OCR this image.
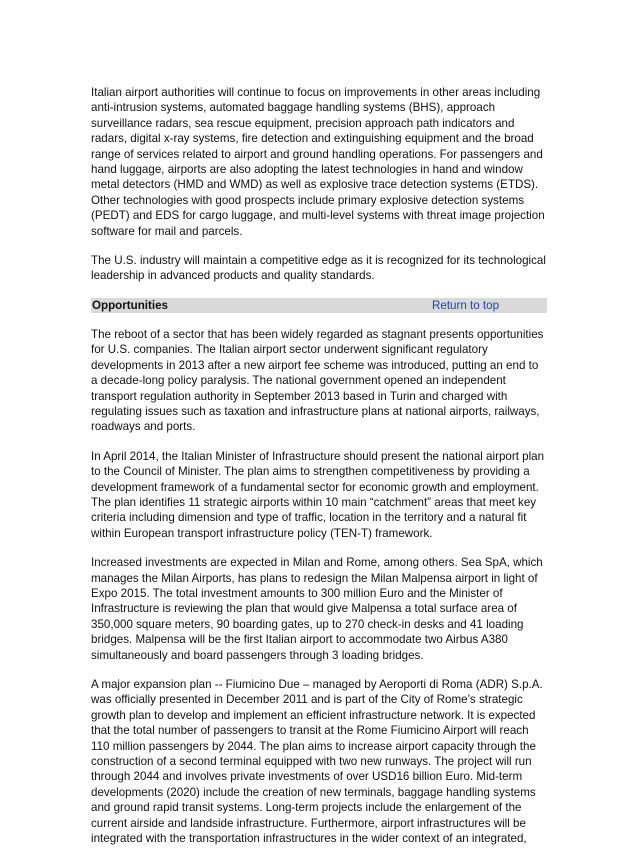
Italian airport authorities will continue to focus on improvements in other areas including
anti-intrusion systems, automated baggage handling systems (BHS), approach
surveillance radars, sea rescue equipment, precision approach path indicators and
radars, digital x-ray systems, fire detection and extinguishing equipment and the broad
range of services related to airport and ground handling operations. For passengers and
hand luggage, airports are also adopting the latest technologies in hand and window
metal detectors (HMD and WMD) as well as explosive trace detection systems (ETDS).
Other technologies with good prospects include primary explosive detection systems
(PEDT) and EDS for cargo luggage, and multi-level systems with threat image projection
software for mail and parcels.

The U.S. industry will maintain a competitive edge as it is recognized for its technological
leadership in advanced products and quality standards.

Opportunities	Return to top

The reboot of a sector that has been widely regarded as stagnant presents opportunities
for U.S. companies. The Italian airport sector underwent significant regulatory
developments in 2013 after a new airport fee scheme was introduced, putting an end to
a decade-long policy paralysis. The national government opened an independent
transport regulation authority in September 2013 based in Turin and charged with
regulating issues such as taxation and infrastructure plans at national airports, railways,
roadways and ports.

In April 2014, the Italian Minister of Infrastructure should present the national airport plan
to the Council of Minister. The plan aims to strengthen competitiveness by providing a
development framework of a fundamental sector for economic growth and employment.
The plan identifies 11 strategic airports within 10 main “catchment” areas that meet key
criteria including dimension and type of traffic, location in the territory and a natural fit
within European transport infrastructure policy (TEN-T) framework.

Increased investments are expected in Milan and Rome, among others. Sea SpA, which
manages the Milan Airports, has plans to redesign the Milan Malpensa airport in light of
Expo 2015. The total investment amounts to 300 million Euro and the Minister of
Infrastructure is reviewing the plan that would give Malpensa a total surface area of
350,000 square meters, 90 boarding gates, up to 270 check-in desks and 41 loading
bridges. Malpensa will be the first Italian airport to accommodate two Airbus A380
simultaneously and board passengers through 3 loading bridges.

A major expansion plan -- Fiumicino Due – managed by Aeroporti di Roma (ADR) S.p.A.
was officially presented in December 2011 and is part of the City of Rome’s strategic
growth plan to develop and implement an efficient infrastructure network. It is expected
that the total number of passengers to transit at the Rome Fiumicino Airport will reach
110 million passengers by 2044. The plan aims to increase airport capacity through the
construction of a second terminal equipped with two new runways. The project will run
through 2044 and involves private investments of over USD16 billion Euro. Mid-term
developments (2020) include the creation of new terminals, baggage handling systems
and ground rapid transit systems. Long-term projects include the enlargement of the
current airside and landside infrastructure. Furthermore, airport infrastructures will be
integrated with the transportation infrastructures in the wider context of an integrated,
